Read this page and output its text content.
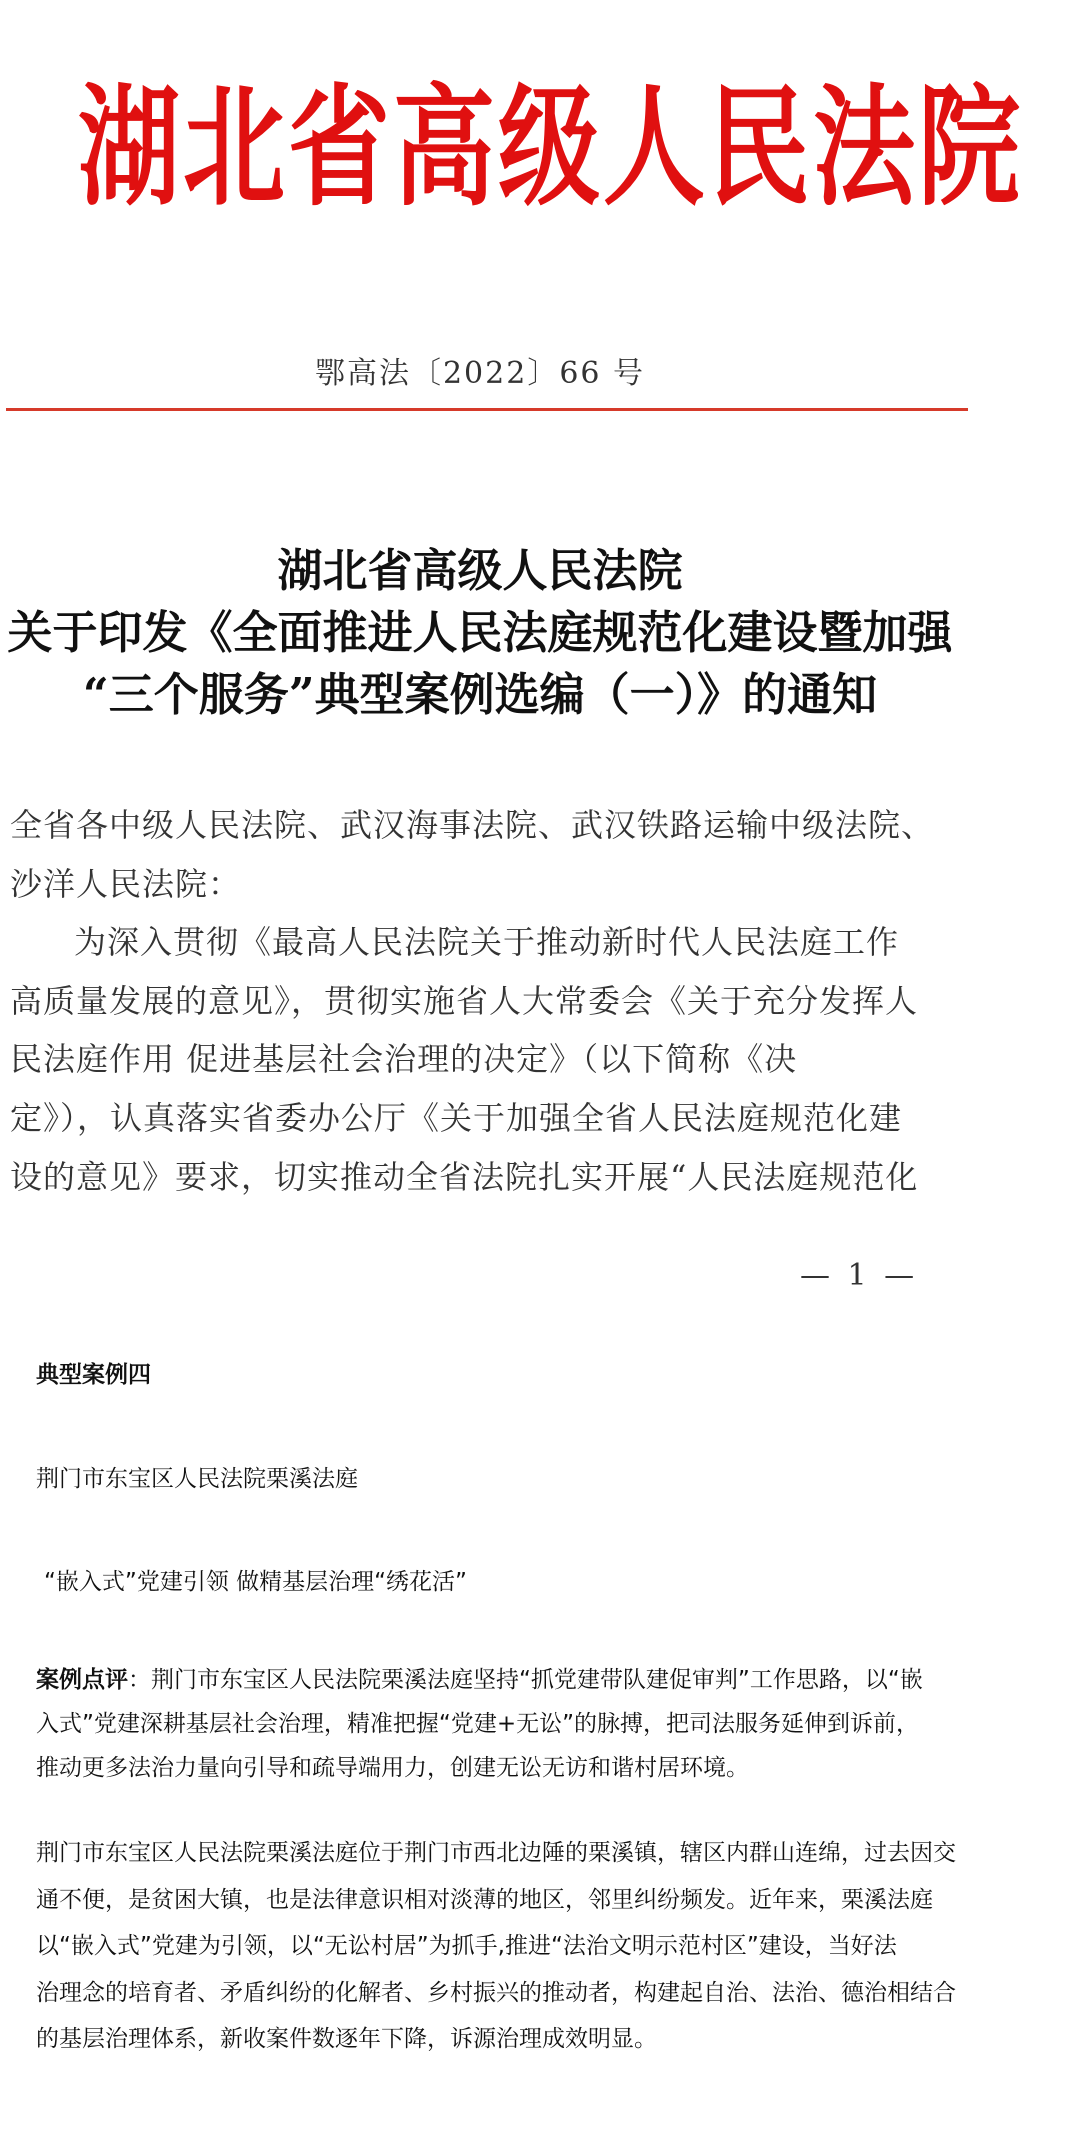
湖北省高级人民法院
鄂高法〔2022〕66 号
湖北省高级人民法院
关于印发《全面推进人民法庭规范化建设暨加强
“三个服务”典型案例选编（一）》的通知

全省各中级人民法院、武汉海事法院、武汉铁路运输中级法院、

沙洋人民法院：

为深入贯彻《最高人民法院关于推动新时代人民法庭工作

高质量发展的意见》，贯彻实施省人大常委会《关于充分发挥人

民法庭作用 促进基层社会治理的决定》（以下简称《决

定》），认真落实省委办公厅《关于加强全省人民法庭规范化建

设的意见》要求，切实推动全省法院扎实开展“人民法庭规范化

— 1 —
典型案例四
荆门市东宝区人民法院栗溪法庭
“嵌入式”党建引领 做精基层治理“绣花活”

案例点评：荆门市东宝区人民法院栗溪法庭坚持“抓党建带队建促审判”工作思路，以“嵌

入式”党建深耕基层社会治理，精准把握“党建+无讼”的脉搏，把司法服务延伸到诉前，

推动更多法治力量向引导和疏导端用力，创建无讼无访和谐村居环境。

荆门市东宝区人民法院栗溪法庭位于荆门市西北边陲的栗溪镇，辖区内群山连绵，过去因交

通不便，是贫困大镇，也是法律意识相对淡薄的地区，邻里纠纷频发。近年来，栗溪法庭

以“嵌入式”党建为引领，以“无讼村居”为抓手,推进“法治文明示范村区”建设，当好法

治理念的培育者、矛盾纠纷的化解者、乡村振兴的推动者，构建起自治、法治、德治相结合

的基层治理体系，新收案件数逐年下降，诉源治理成效明显。
